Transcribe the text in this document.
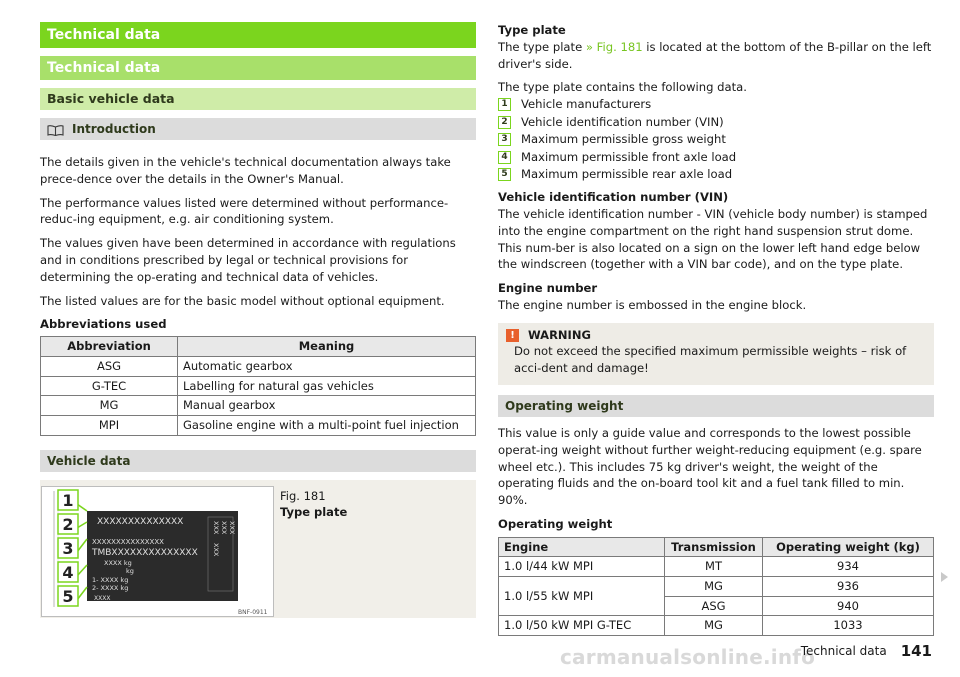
Technical data
Technical data
Basic vehicle data
Introduction

The details given in the vehicle's technical documentation always take prece-dence over the details in the Owner's Manual.

The performance values listed were determined without performance-reduc-ing equipment, e.g. air conditioning system.

The values given have been determined in accordance with regulations and in conditions prescribed by legal or technical provisions for determining the op-erating and technical data of vehicles.

The listed values are for the basic model without optional equipment.

Abbreviations used
Abbreviation	Meaning
ASG	Automatic gearbox
G-TEC	Labelling for natural gas vehicles
MG	Manual gearbox
MPI	Gasoline engine with a multi-point fuel injection
Vehicle data
1
2
3
4
5
XXXXXXXXXXXXXX
XXXXXXXXXXXXXXX
TMBXXXXXXXXXXXXXX
XXXX kg
kg
1- XXXX kg
2- XXXX kg
XXXX
XXX XXX XXX
XXX
BNF-0911
Fig. 181
Type plate
Type plate

The type plate » Fig. 181 is located at the bottom of the B-pillar on the left driver's side.

The type plate contains the following data.
1 Vehicle manufacturers
2 Vehicle identification number (VIN)
3 Maximum permissible gross weight
4 Maximum permissible front axle load
5 Maximum permissible rear axle load
Vehicle identification number (VIN)

The vehicle identification number - VIN (vehicle body number) is stamped into the engine compartment on the right hand suspension strut dome. This num-ber is also located on a sign on the lower left hand edge below the windscreen (together with a VIN bar code), and on the type plate.

Engine number

The engine number is embossed in the engine block.

!	WARNING
Do not exceed the specified maximum permissible weights – risk of acci-dent and damage!
Operating weight

This value is only a guide value and corresponds to the lowest possible operat-ing weight without further weight-reducing equipment (e.g. spare wheel etc.). This includes 75 kg driver's weight, the weight of the operating fluids and the on-board tool kit and a fuel tank filled to min. 90%.

Operating weight
Engine	Transmission	Operating weight (kg)
1.0 l/44 kW MPI	MT	934
1.0 l/55 kW MPI	MG	936
	ASG	940
1.0 l/50 kW MPI G-TEC	MG	1033
carmanualsonline.info
Technical data 141
